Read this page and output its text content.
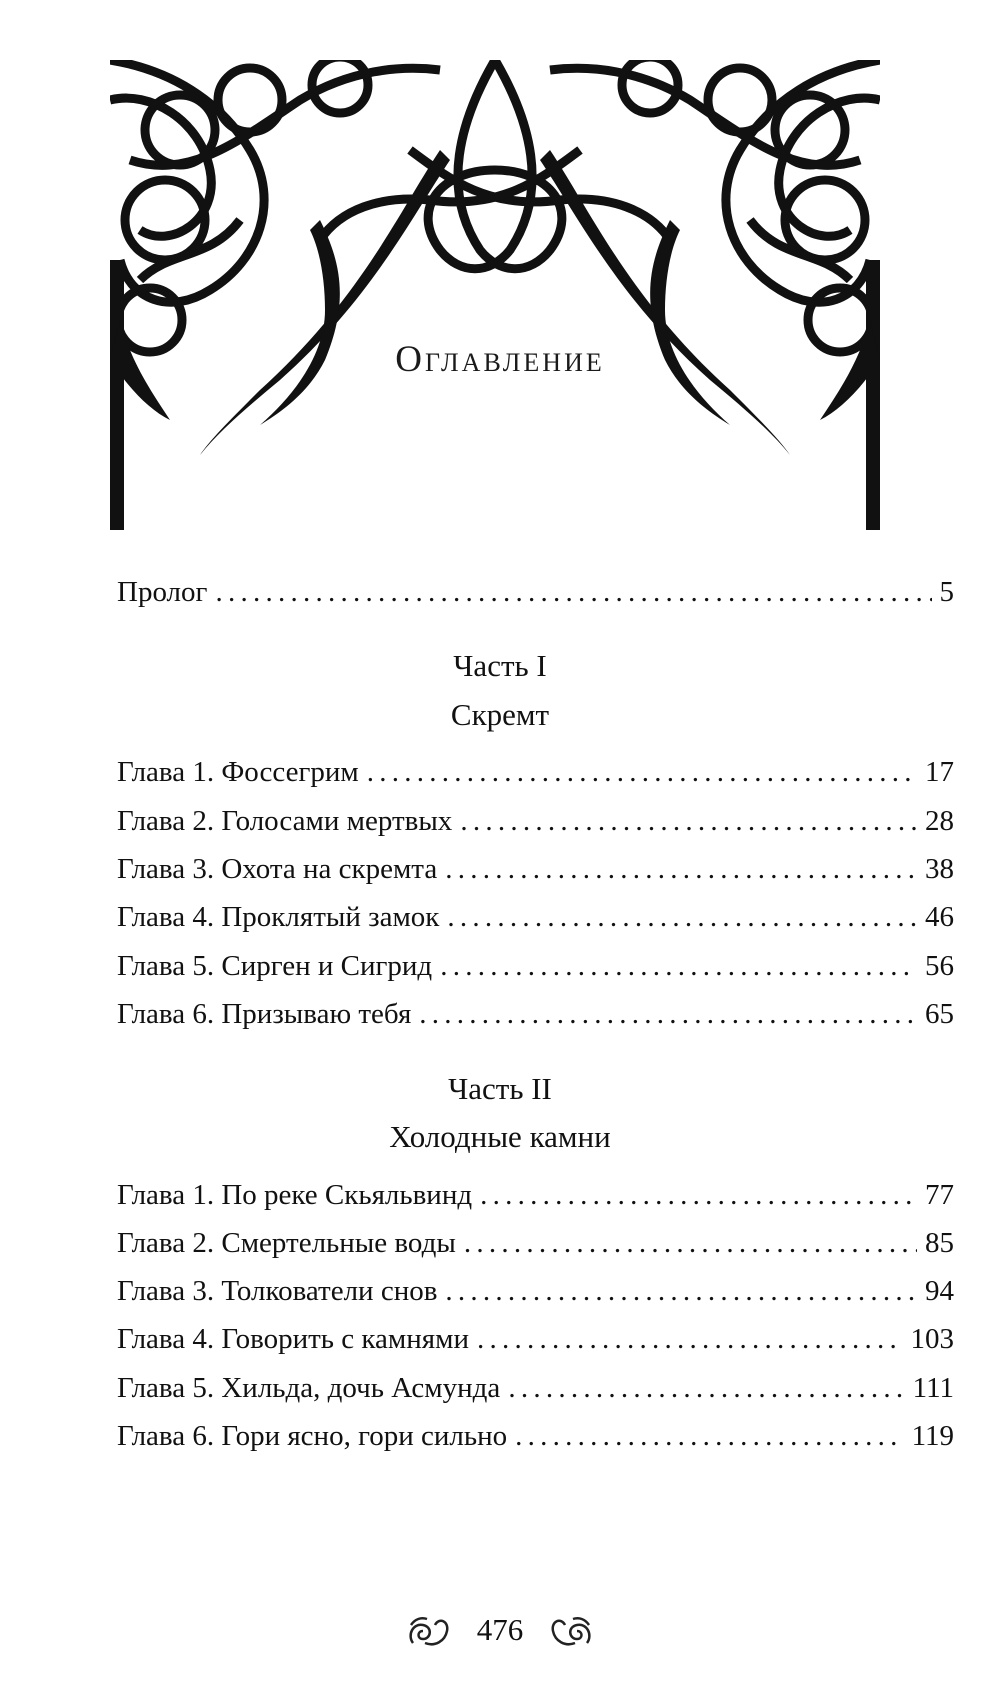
Оглавление
Пролог . . .	5
Часть I
Скремт
Глава 1. Фоссегрим . . .	17
Глава 2. Голосами мертвых . . .	28
Глава 3. Охота на скремта . . .	38
Глава 4. Проклятый замок . . .	46
Глава 5. Сирген и Сигрид . . .	56
Глава 6. Призываю тебя . . .	65
Часть II
Холодные камни
Глава 1. По реке Скьяльвинд . . .	77
Глава 2. Смертельные воды . . .	85
Глава 3. Толкователи снов . . .	94
Глава 4. Говорить с камнями . . .	103
Глава 5. Хильда, дочь Асмунда . . .	111
Глава 6. Гори ясно, гори сильно . . .	119
476
